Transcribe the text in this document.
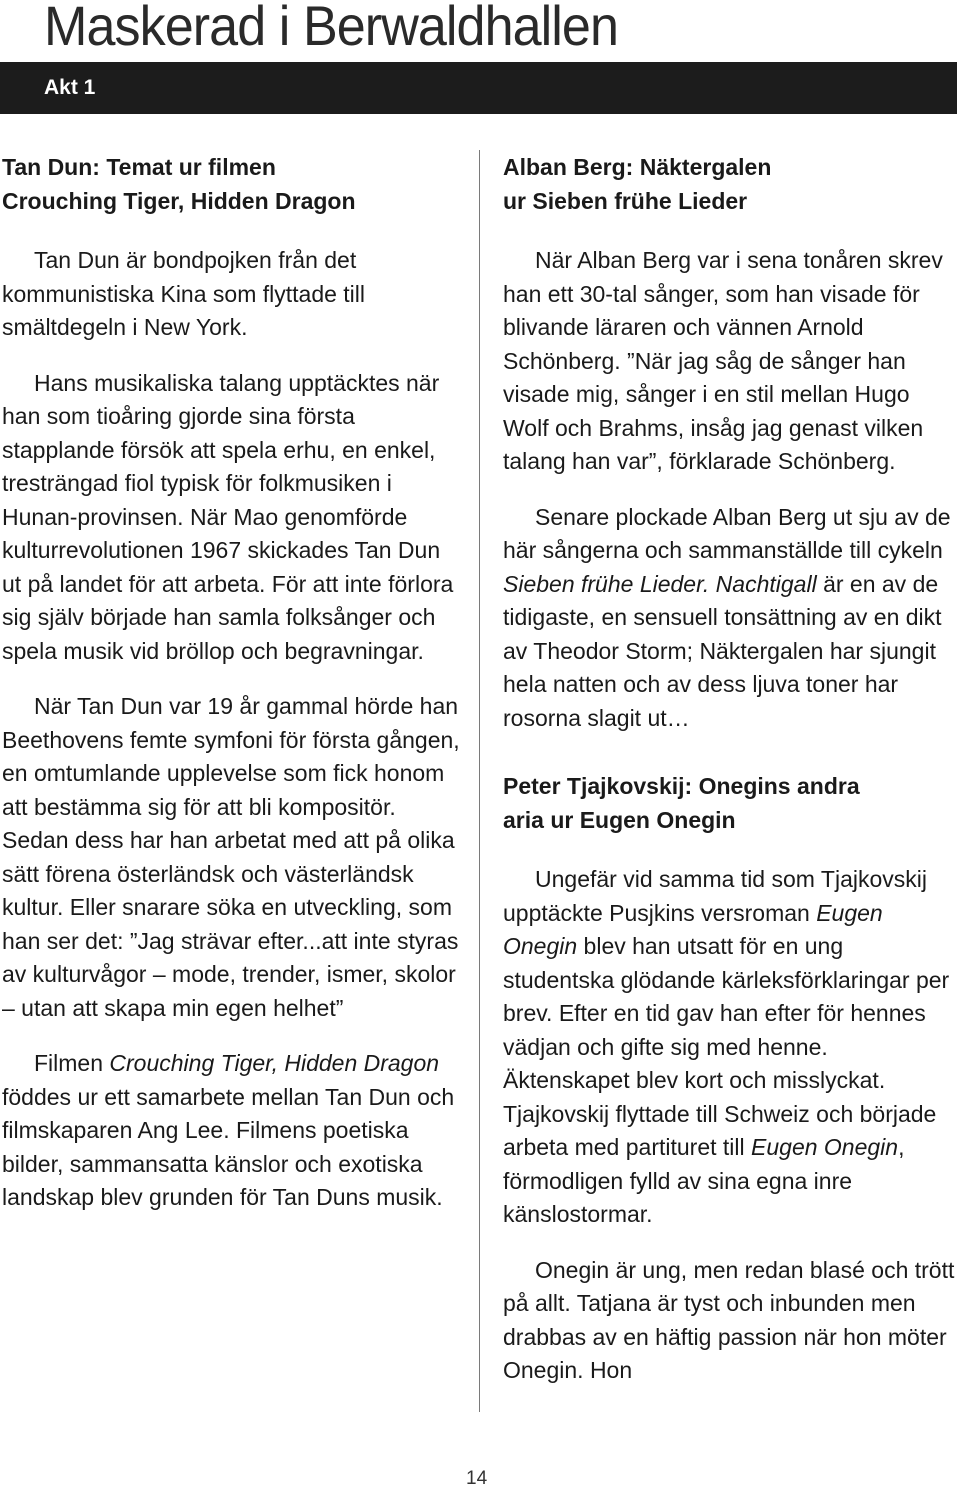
Maskerad i Berwaldhallen
Akt 1
Tan Dun: Temat ur filmen
Crouching Tiger, Hidden Dragon

Tan Dun är bondpojken från det kommunistiska Kina som flyttade till smältdegeln i New York.

Hans musikaliska talang upptäcktes när han som tioåring gjorde sina första stapplande försök att spela erhu, en enkel, tresträngad fiol typisk för folkmusiken i Hunan-provinsen. När Mao genomförde kulturrevolutionen 1967 skickades Tan Dun ut på landet för att arbeta. För att inte förlora sig själv började han samla folksånger och spela musik vid bröllop och begravningar.

När Tan Dun var 19 år gammal hörde han Beethovens femte symfoni för första gången, en omtumlande upplevelse som fick honom att bestämma sig för att bli kompositör. Sedan dess har han arbetat med att på olika sätt förena österländsk och västerländsk kultur. Eller snarare söka en utveckling, som han ser det: ”Jag strävar efter...att inte styras av kulturvågor – mode, trender, ismer, skolor – utan att skapa min egen helhet”

Filmen Crouching Tiger, Hidden Dragon föddes ur ett samarbete mellan Tan Dun och filmskaparen Ang Lee. Filmens poetiska bilder, sammansatta känslor och exotiska landskap blev grunden för Tan Duns musik.

Alban Berg: Näktergalen
ur Sieben frühe Lieder

När Alban Berg var i sena tonåren skrev han ett 30-tal sånger, som han visade för blivande läraren och vännen Arnold Schönberg. ”När jag såg de sånger han visade mig, sånger i en stil mellan Hugo Wolf och Brahms, insåg jag genast vilken talang han var”, förklarade Schönberg.

Senare plockade Alban Berg ut sju av de här sångerna och sammanställde till cykeln Sieben frühe Lieder. Nachtigall är en av de tidigaste, en sensuell tonsättning av en dikt av Theodor Storm; Näktergalen har sjungit hela natten och av dess ljuva toner har rosorna slagit ut…

Peter Tjajkovskij: Onegins andra
aria ur Eugen Onegin

Ungefär vid samma tid som Tjajkovskij upptäckte Pusjkins versroman Eugen Onegin blev han utsatt för en ung studentska glödande kärleksförklaringar per brev. Efter en tid gav han efter för hennes vädjan och gifte sig med henne. Äktenskapet blev kort och misslyckat. Tjajkovskij flyttade till Schweiz och började arbeta med partituret till Eugen Onegin, förmodligen fylld av sina egna inre känslostormar.

Onegin är ung, men redan blasé och trött på allt. Tatjana är tyst och inbunden men drabbas av en häftig passion när hon möter Onegin. Hon

14
